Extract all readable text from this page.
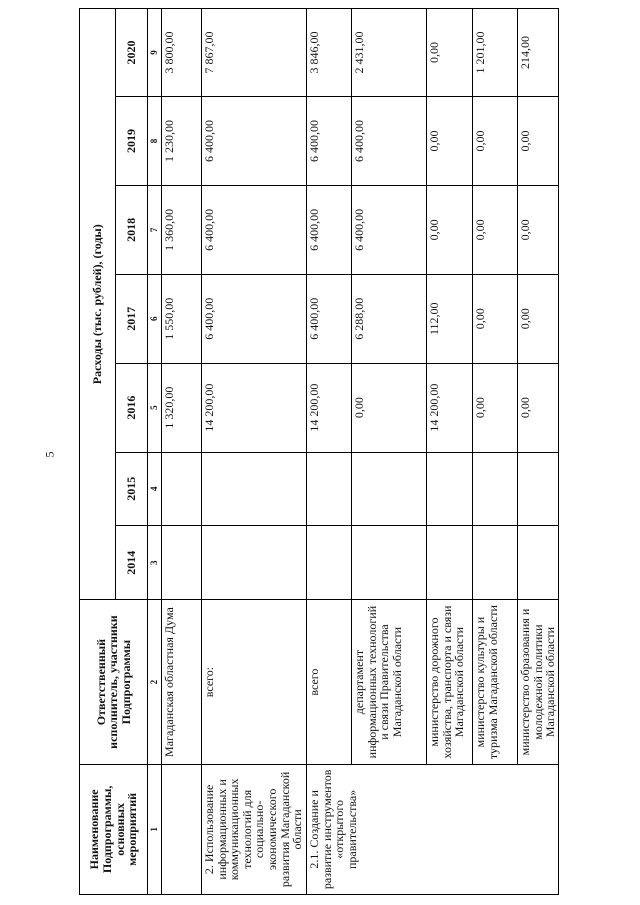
5
Наименование Подпрограммы, основных мероприятий	Ответственный исполнитель, участники Подпрограммы	Расходы (тыс. рублей), (годы)						
		2014	2015	2016	2017	2018	2019	2020
1	2	3	4	5	6	7	8	9
	Магаданская областная Дума			1 320,00	1 550,00	1 360,00	1 230,00	3 800,00
2. Использование информационных и коммуникационных технологий для социально-экономического развития Магаданской области	всего:			14 200,00	6 400,00	6 400,00	6 400,00	7 867,00
2.1. Создание и развитие инструментов «открытого правительства»	всего			14 200,00	6 400,00	6 400,00	6 400,00	3 846,00
	департамент информационных технологий и связи Правительства Магаданской области			0,00	6 288,00	6 400,00	6 400,00	2 431,00
	министерство дорожного хозяйства, транспорта и связи Магаданской области			14 200,00	112,00	0,00	0,00	0,00
	министерство культуры и туризма Магаданской области			0,00	0,00	0,00	0,00	1 201,00
	министерство образования и молодежной политики Магаданской области			0,00	0,00	0,00	0,00	214,00
